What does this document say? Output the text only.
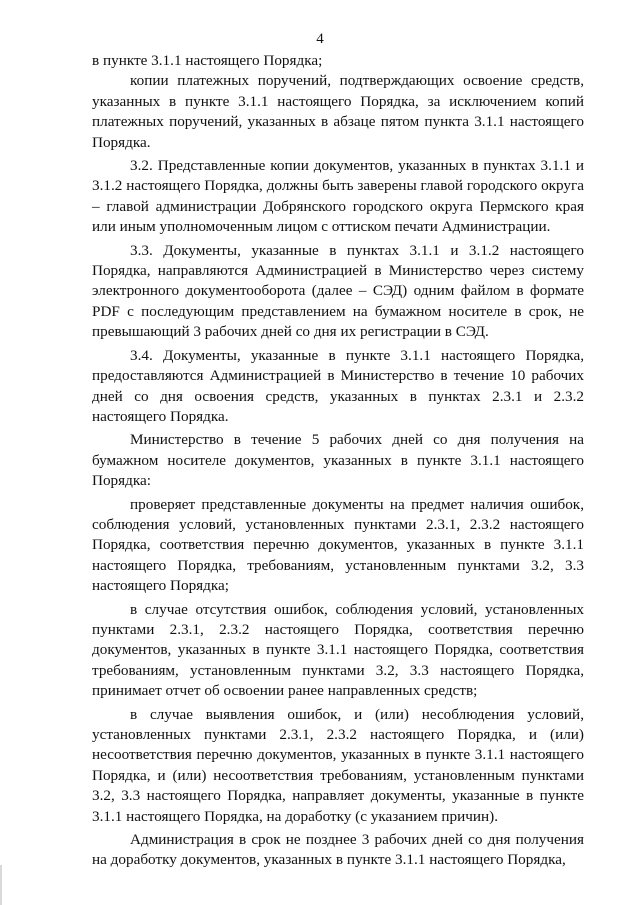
4

в пункте 3.1.1 настоящего Порядка;

копии платежных поручений, подтверждающих освоение средств, указанных в пункте 3.1.1 настоящего Порядка, за исключением копий платежных поручений, указанных в абзаце пятом пункта 3.1.1 настоящего Порядка.

3.2. Представленные копии документов, указанных в пунктах 3.1.1 и 3.1.2 настоящего Порядка, должны быть заверены главой городского округа – главой администрации Добрянского городского округа Пермского края или иным уполномоченным лицом с оттиском печати Администрации.

3.3. Документы, указанные в пунктах 3.1.1 и 3.1.2 настоящего Порядка, направляются Администрацией в Министерство через систему электронного документооборота (далее – СЭД) одним файлом в формате PDF с последующим представлением на бумажном носителе в срок, не превышающий 3 рабочих дней со дня их регистрации в СЭД.

3.4. Документы, указанные в пункте 3.1.1 настоящего Порядка, предоставляются Администрацией в Министерство в течение 10 рабочих дней со дня освоения средств, указанных в пунктах 2.3.1 и 2.3.2 настоящего Порядка.

Министерство в течение 5 рабочих дней со дня получения на бумажном носителе документов, указанных в пункте 3.1.1 настоящего Порядка:

проверяет представленные документы на предмет наличия ошибок, соблюдения условий, установленных пунктами 2.3.1, 2.3.2 настоящего Порядка, соответствия перечню документов, указанных в пункте 3.1.1 настоящего Порядка, требованиям, установленным пунктами 3.2, 3.3 настоящего Порядка;

в случае отсутствия ошибок, соблюдения условий, установленных пунктами 2.3.1, 2.3.2 настоящего Порядка, соответствия перечню документов, указанных в пункте 3.1.1 настоящего Порядка, соответствия требованиям, установленным пунктами 3.2, 3.3 настоящего Порядка, принимает отчет об освоении ранее направленных средств;

в случае выявления ошибок, и (или) несоблюдения условий, установленных пунктами 2.3.1, 2.3.2 настоящего Порядка, и (или) несоответствия перечню документов, указанных в пункте 3.1.1 настоящего Порядка, и (или) несоответствия требованиям, установленным пунктами 3.2, 3.3 настоящего Порядка, направляет документы, указанные в пункте 3.1.1 настоящего Порядка, на доработку (с указанием причин).

Администрация в срок не позднее 3 рабочих дней со дня получения на доработку документов, указанных в пункте 3.1.1 настоящего Порядка,
